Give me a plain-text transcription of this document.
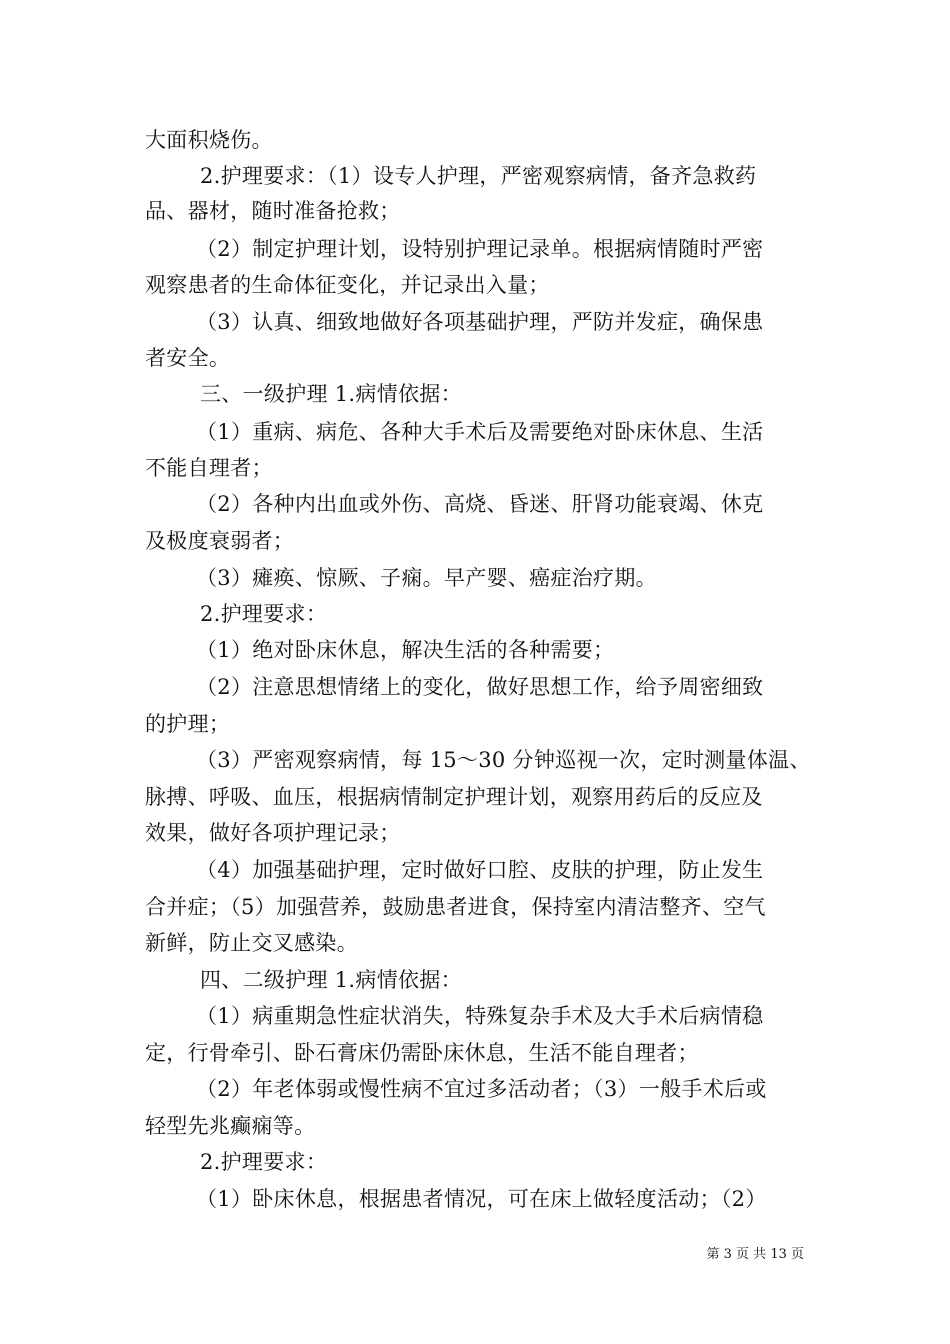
大面积烧伤。
2.护理要求：（1）设专人护理，严密观察病情，备齐急救药
品、器材，随时准备抢救；
（2）制定护理计划，设特别护理记录单。根据病情随时严密
观察患者的生命体征变化，并记录出入量；
（3）认真、细致地做好各项基础护理，严防并发症，确保患
者安全。
三、一级护理 1.病情依据：
（1）重病、病危、各种大手术后及需要绝对卧床休息、生活
不能自理者；
（2）各种内出血或外伤、高烧、昏迷、肝肾功能衰竭、休克
及极度衰弱者；
（3）瘫痪、惊厥、子痫。早产婴、癌症治疗期。
2.护理要求：
（1）绝对卧床休息，解决生活的各种需要；
（2）注意思想情绪上的变化，做好思想工作，给予周密细致
的护理；
（3）严密观察病情，每 15～30 分钟巡视一次，定时测量体温、
脉搏、呼吸、血压，根据病情制定护理计划，观察用药后的反应及
效果，做好各项护理记录；
（4）加强基础护理，定时做好口腔、皮肤的护理，防止发生
合并症；（5）加强营养，鼓励患者进食，保持室内清洁整齐、空气
新鲜，防止交叉感染。
四、二级护理 1.病情依据：
（1）病重期急性症状消失，特殊复杂手术及大手术后病情稳
定，行骨牵引、卧石膏床仍需卧床休息，生活不能自理者；
（2）年老体弱或慢性病不宜过多活动者；（3）一般手术后或
轻型先兆癫痫等。
2.护理要求：
（1）卧床休息，根据患者情况，可在床上做轻度活动；（2）
第 3 页 共 13 页
